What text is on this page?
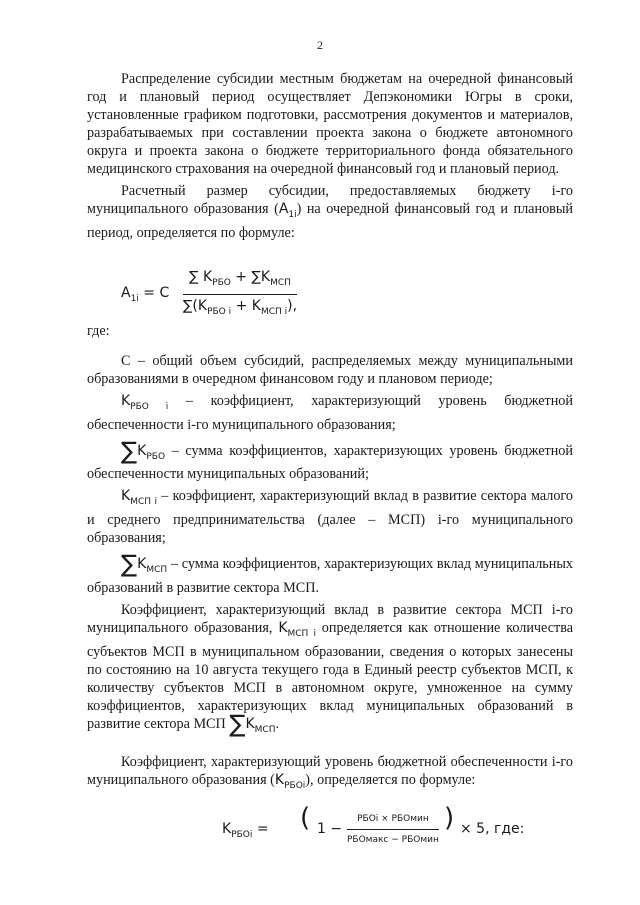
2

Распределение субсидии местным бюджетам на очередной финансовый год и плановый период осуществляет Депэкономики Югры в сроки, установленные графиком подготовки, рассмотрения документов и материалов, разрабатываемых при составлении проекта закона о бюджете автономного округа и проекта закона о бюджете территориального фонда обязательного медицинского страхования на очередной финансовый год и плановый период.

Расчетный размер субсидии, предоставляемых бюджету i-го муниципального образования $(A_{1i})$ на очередной финансовый год и плановый период, определяется по формуле:

$A_{1i} = C$
∑ $K_{РБО} + \sum K_{МСП}$
$\sum(K_{РБО i} + K_{МСП i})$,

где:

C – общий объем субсидий, распределяемых между муниципальными образованиями в очередном финансовом году и плановом периоде;

$K_{РБО i}$ – коэффициент, характеризующий уровень бюджетной обеспеченности i-го муниципального образования;

$\sum K_{РБО}$ – сумма коэффициентов, характеризующих уровень бюджетной обеспеченности муниципальных образований;

$K_{МСП i}$ – коэффициент, характеризующий вклад в развитие сектора малого и среднего предпринимательства (далее – МСП) i-го муниципального образования;

$\sum K_{МСП}$ – сумма коэффициентов, характеризующих вклад муниципальных образований в развитие сектора МСП.

Коэффициент, характеризующий вклад в развитие сектора МСП i-го муниципального образования, $K_{МСП i}$ определяется как отношение количества субъектов МСП в муниципальном образовании, сведения о которых занесены по состоянию на 10 августа текущего года в Единый реестр субъектов МСП, к количеству субъектов МСП в автономном округе, умноженное на сумму коэффициентов, характеризующих вклад муниципальных образований в развитие сектора МСП $\sum K_{МСП}$.

Коэффициент, характеризующий уровень бюджетной обеспеченности i-го муниципального образования $(K_{РБОi})$, определяется по формуле:

$K_{РБОi}$ = ( 1 −
РБОi × РБОмин
РБОмакс − РБОмин
) × 5, где:
